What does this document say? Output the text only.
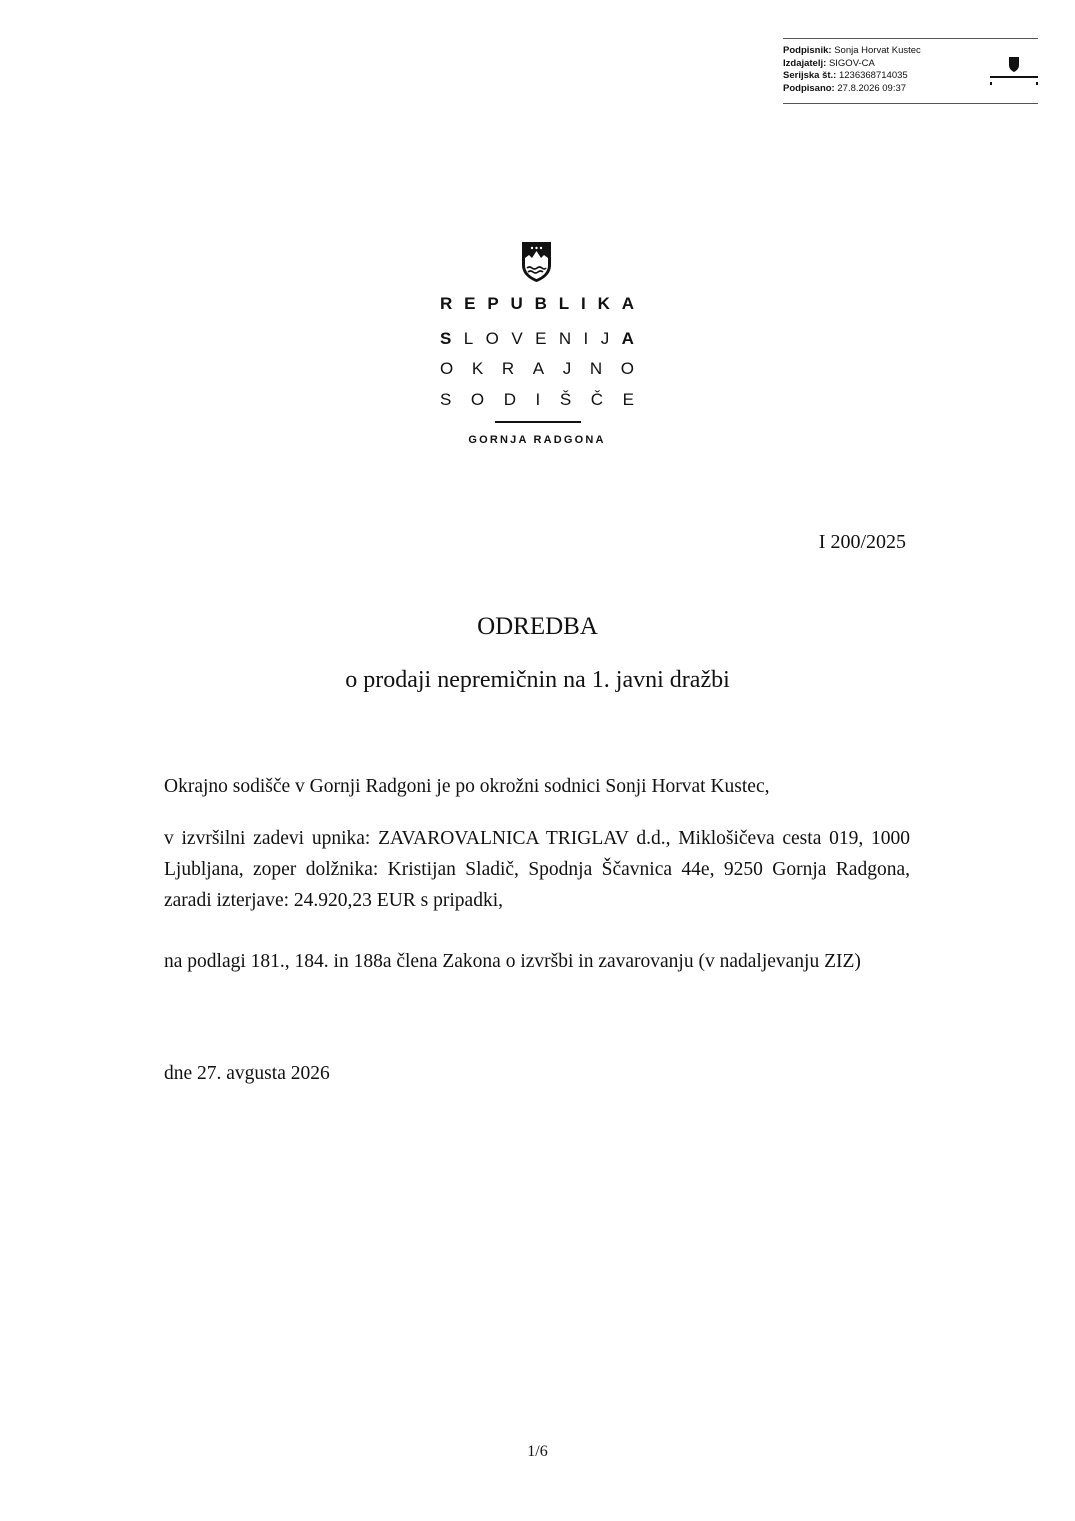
Podpisnik: Sonja Horvat Kustec
Izdajatelj: SIGOV-CA
Serijska št.: 1236368714035
Podpisano: 27.8.2026 09:37
R E P U B L I K A
S L O V E N I J A
O K R A J N O
S O D I Š Č E
GORNJA RADGONA
I 200/2025
ODREDBA
o prodaji nepremičnin na 1. javni dražbi
Okrajno sodišče v Gornji Radgoni je po okrožni sodnici Sonji Horvat Kustec,
v izvršilni zadevi upnika: ZAVAROVALNICA TRIGLAV d.d., Miklošičeva cesta 019, 1000 Ljubljana, zoper dolžnika: Kristijan Sladič, Spodnja Ščavnica 44e, 9250 Gornja Radgona, zaradi izterjave: 24.920,23 EUR s pripadki,
na podlagi 181., 184. in 188a člena Zakona o izvršbi in zavarovanju (v nadaljevanju ZIZ)
dne 27. avgusta 2026
1/6
